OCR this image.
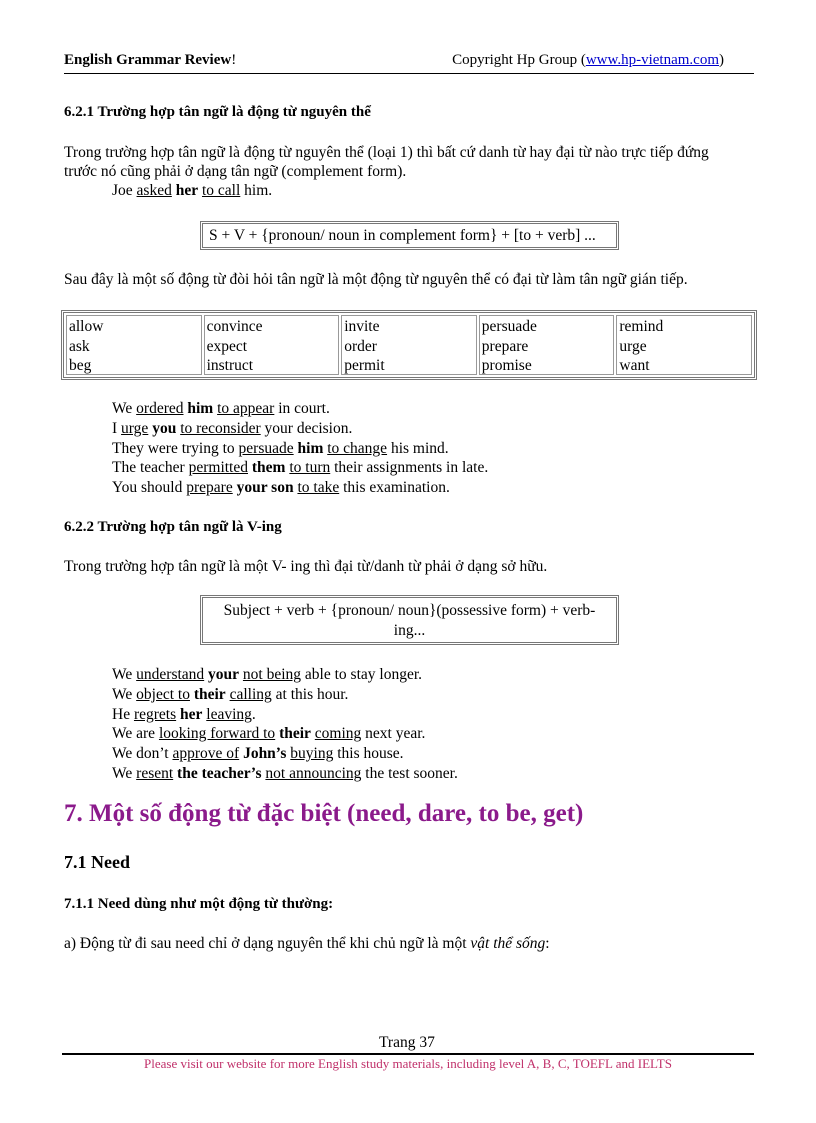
English Grammar Review!	Copyright Hp Group (www.hp-vietnam.com)
6.2.1 Trường hợp tân ngữ là động từ nguyên thể
Trong trường hợp tân ngữ là động từ nguyên thể (loại 1) thì bất cứ danh từ hay đại từ nào trực tiếp đứng
trước nó cũng phải ở dạng tân ngữ (complement form).
Joe asked her to call him.
S + V + {pronoun/ noun in complement form} + [to + verb] ...
Sau đây là một số động từ đòi hỏi tân ngữ là một động từ nguyên thể có đại từ làm tân ngữ gián tiếp.
allow
ask
beg
convince
expect
instruct
invite
order
permit
persuade
prepare
promise
remind
urge
want
We ordered him to appear in court.
I urge you to reconsider your decision.
They were trying to persuade him to change his mind.
The teacher permitted them to turn their assignments in late.
You should prepare your son to take this examination.
6.2.2 Trường hợp tân ngữ là V-ing
Trong trường hợp tân ngữ là một V- ing thì đại từ/danh từ phải ở dạng sở hữu.
Subject + verb + {pronoun/ noun}(possessive form) + verb-
ing...
We understand your not being able to stay longer.
We object to their calling at this hour.
He regrets her leaving.
We are looking forward to their coming next year.
We don’t approve of John’s buying this house.
We resent the teacher’s not announcing the test sooner.
7. Một số động từ đặc biệt (need, dare, to be, get)
7.1 Need
7.1.1 Need dùng như một động từ thường:
a) Động từ đi sau need chỉ ở dạng nguyên thể khi chủ ngữ là một vật thể sống:
Trang 37
Please visit our website for more English study materials, including level A, B, C, TOEFL and IELTS
